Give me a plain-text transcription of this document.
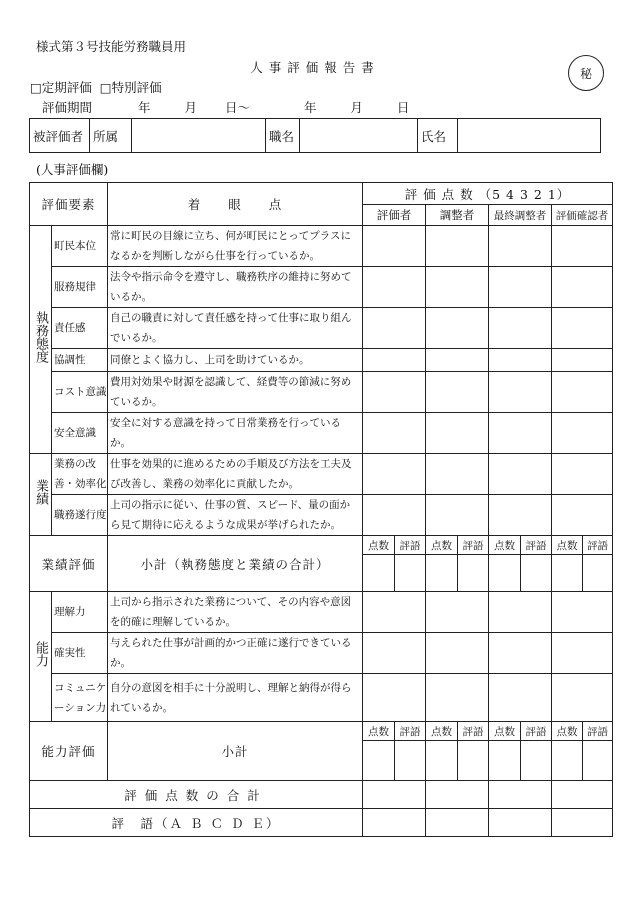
様式第３号技能労務職員用
人事評価報告書	秘
□定期評価 □特別評価
評価期間	年	月 日～	年	月	日
被評価者	所属		職名		氏名	
(人事評価欄)
評価要素		着　　眼　　点	評 価 点 数 （5 4 3 2 1）							
			評価者		調整者		最終調整者		評価確認者	
執務態度	町民本位	常に町民の目線に立ち、何が町民にとってプラスになるかを判断しながら仕事を行っているか。								
	服務規律	法令や指示命令を遵守し、職務秩序の維持に努めているか。								
	責任感	自己の職責に対して責任感を持って仕事に取り組んでいるか。								
	協調性	同僚とよく協力し、上司を助けているか。								
	コスト意識	費用対効果や財源を認識して、経費等の節減に努めているか。								
	安全意識	安全に対する意識を持って日常業務を行っているか。								
業績	業務の改善・効率化	仕事を効果的に進めるための手順及び方法を工夫及び改善し、業務の効率化に貢献したか。								
	職務遂行度	上司の指示に従い、仕事の質、スピード、量の面から見て期待に応えるような成果が挙げられたか。								
業績評価		小計（執務態度と業績の合計）	点数	評語	点数	評語	点数	評語	点数	評語

能力	理解力	上司から指示された業務について、その内容や意図を的確に理解しているか。								
	確実性	与えられた仕事が計画的かつ正確に遂行できているか。								
	コミュニケーション力	自分の意図を相手に十分説明し、理解と納得が得られているか。								
能力評価		小計	点数	評語	点数	評語	点数	評語	点数	評語

評価点数の合計										
評　語（Ａ Ｂ Ｃ Ｄ Ｅ）										
